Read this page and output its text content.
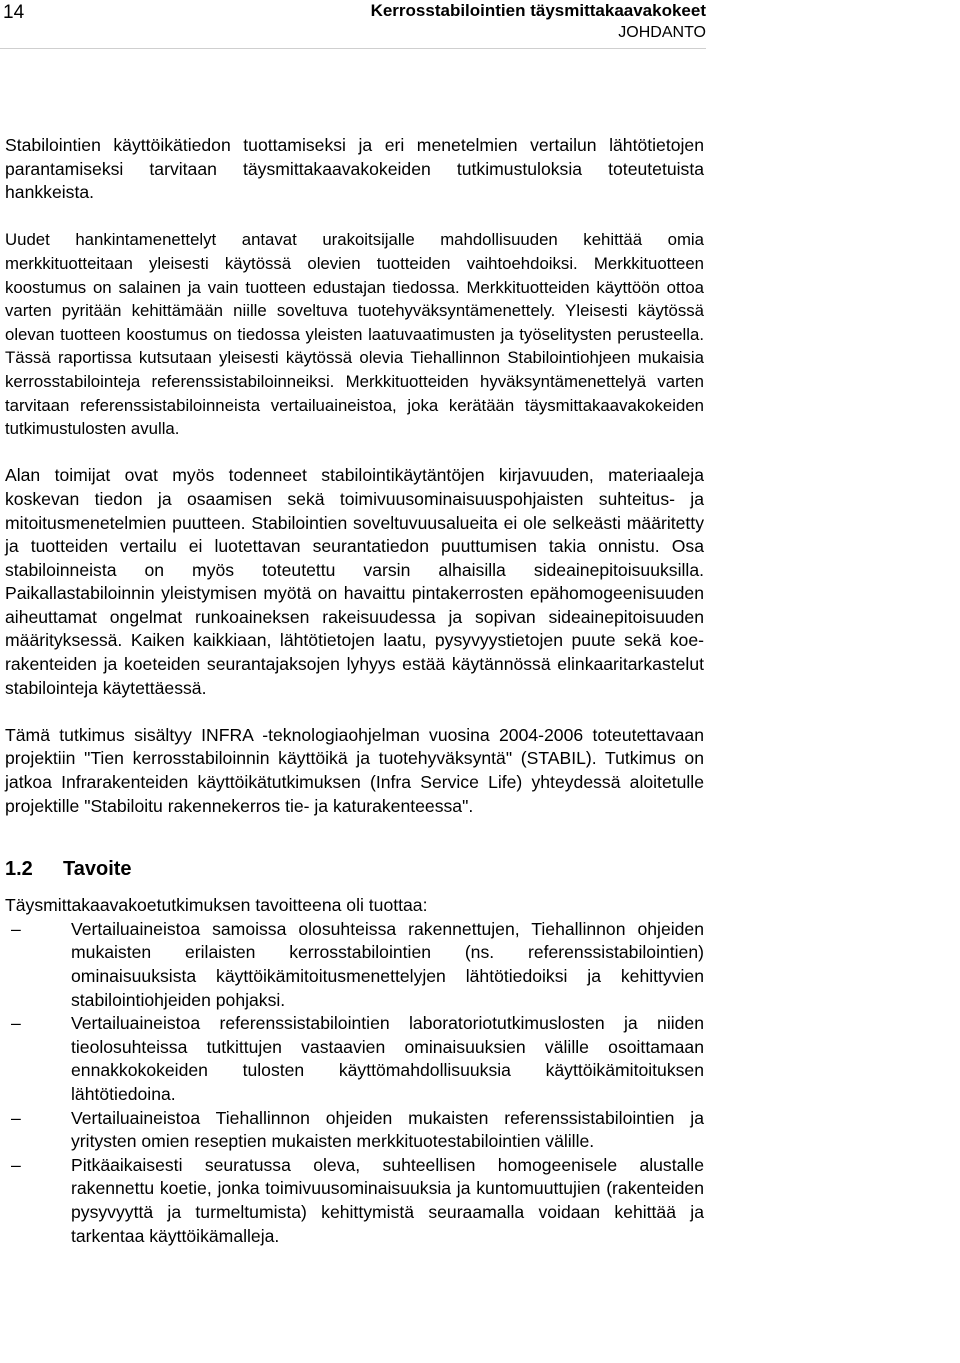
14	Kerrosstabilointien täysmittakaavakokeet
JOHDANTO

Stabilointien käyttöikätiedon tuottamiseksi ja eri menetelmien vertailun lähtötietojen parantamiseksi tarvitaan täysmittakaavakokeiden tutkimustuloksia toteutetuista hankkeista.

Uudet hankintamenettelyt antavat urakoitsijalle mahdollisuuden kehittää omia merkkituotteitaan yleisesti käytössä olevien tuotteiden vaihtoehdoiksi. Merkkituotteen koostumus on salainen ja vain tuotteen edustajan tiedossa. Merkkituotteiden käyttöön ottoa varten pyritään kehittämään niille soveltuva tuotehyväksyntämenettely. Yleisesti käytössä olevan tuotteen koostumus on tiedossa yleisten laatuvaatimusten ja työselitysten perusteella. Tässä raportissa kutsutaan yleisesti käytössä olevia Tiehallinnon Stabilointiohjeen mukaisia kerrosstabilointeja referenssistabiloinneiksi. Merkkituotteiden hyväksyntämenettelyä varten tarvitaan referenssistabiloinneista vertailuaineistoa, joka kerätään täysmittakaavakokeiden tutkimustulosten avulla.

Alan toimijat ovat myös todenneet stabilointikäytäntöjen kirjavuuden, materiaaleja koskevan tiedon ja osaamisen sekä toimivuusominaisuuspohjaisten suhteitus- ja mitoitusmenetelmien puutteen. Stabilointien soveltuvuusalueita ei ole selkeästi määritetty ja tuotteiden vertailu ei luotettavan seurantatiedon puuttumisen takia onnistu. Osa stabiloinneista on myös toteutettu varsin alhaisilla sideainepitoisuuksilla. Paikallastabiloinnin yleistymisen myötä on havaittu pintakerrosten epähomogeenisuuden aiheuttamat ongelmat runkoaineksen rakeisuudessa ja sopivan sideainepitoisuuden määrityksessä. Kaiken kaikkiaan, lähtötietojen laatu, pysyvyystietojen puute sekä koerakenteiden ja koeteiden seurantajaksojen lyhyys estää käytännössä elinkaaritarkastelut stabilointeja käytettäessä.

Tämä tutkimus sisältyy INFRA -teknologiaohjelman vuosina 2004-2006 toteutettavaan projektiin "Tien kerrosstabiloinnin käyttöikä ja tuotehyväksyntä" (STABIL). Tutkimus on jatkoa Infrarakenteiden käyttöikätutkimuksen (Infra Service Life) yhteydessä aloitetulle projektille "Stabiloitu rakennekerros tie- ja katurakenteessa".

1.2 Tavoite

Täysmittakaavakoetutkimuksen tavoitteena oli tuottaa:

–	Vertailuaineistoa samoissa olosuhteissa rakennettujen, Tiehallinnon ohjeiden mukaisten erilaisten kerrosstabilointien (ns. referenssistabilointien) ominaisuuksista käyttöikämitoitusmenettelyjen lähtötiedoiksi ja kehittyvien stabilointiohjeiden pohjaksi.
–	Vertailuaineistoa referenssistabilointien laboratoriotutkimuslosten ja niiden tieolosuhteissa tutkittujen vastaavien ominaisuuksien välille osoittamaan ennakkokokeiden tulosten käyttömahdollisuuksia käyttöikämitoituksen lähtötiedoina.
–	Vertailuaineistoa Tiehallinnon ohjeiden mukaisten referenssistabilointien ja yritysten omien reseptien mukaisten merkkituotestabilointien välille.
–	Pitkäaikaisesti seuratussa oleva, suhteellisen homogeenisele alustalle rakennettu koetie, jonka toimivuusominaisuuksia ja kuntomuuttujien (rakenteiden pysyvyyttä ja turmeltumista) kehittymistä seuraamalla voidaan kehittää ja tarkentaa käyttöikämalleja.
